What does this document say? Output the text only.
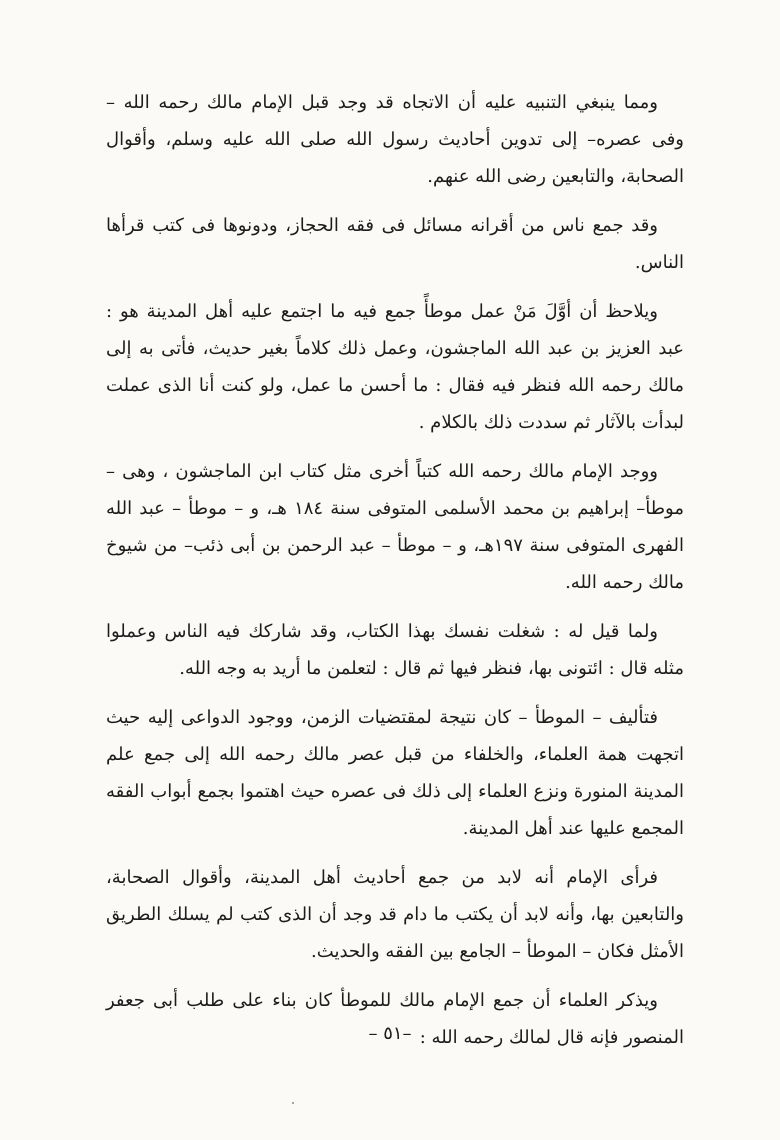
ومما ينبغي التنبيه عليه أن الاتجاه قد وجد قبل الإمام مالك رحمه الله – وفى عصره– إلى تدوين أحاديث رسول الله صلى الله عليه وسلم، وأقوال الصحابة، والتابعين رضى الله عنهم.

وقد جمع ناس من أقرانه مسائل فى فقه الحجاز، ودونوها فى كتب قرأها الناس.

ويلاحظ أن أوَّلَ مَنْ عمل موطأً جمع فيه ما اجتمع عليه أهل المدينة هو : عبد العزيز بن عبد الله الماجشون، وعمل ذلك كلاماً بغير حديث، فأتى به إلى مالك رحمه الله فنظر فيه فقال : ما أحسن ما عمل، ولو كنت أنا الذى عملت لبدأت بالآثار ثم سددت ذلك بالكلام .

ووجد الإمام مالك رحمه الله كتباً أخرى مثل كتاب ابن الماجشون ، وهى – موطأ– إبراهيم بن محمد الأسلمى المتوفى سنة ١٨٤ هـ، و – موطأ – عبد الله الفهرى المتوفى سنة ١٩٧هـ، و – موطأ – عبد الرحمن بن أبى ذئب– من شيوخ مالك رحمه الله.

ولما قيل له : شغلت نفسك بهذا الكتاب، وقد شاركك فيه الناس وعملوا مثله قال : ائتونى بها، فنظر فيها ثم قال : لتعلمن ما أريد به وجه الله.

فتأليف – الموطأ – كان نتيجة لمقتضيات الزمن، ووجود الدواعى إليه حيث اتجهت همة العلماء، والخلفاء من قبل عصر مالك رحمه الله إلى جمع علم المدينة المنورة ونزع العلماء إلى ذلك فى عصره حيث اهتموا بجمع أبواب الفقه المجمع عليها عند أهل المدينة.

فرأى الإمام أنه لابد من جمع أحاديث أهل المدينة، وأقوال الصحابة، والتابعين بها، وأنه لابد أن يكتب ما دام قد وجد أن الذى كتب لم يسلك الطريق الأمثل فكان – الموطأ – الجامع بين الفقه والحديث.

ويذكر العلماء أن جمع الإمام مالك للموطأ كان بناء على طلب أبى جعفر المنصور فإنه قال لمالك رحمه الله :

–٥١ –
